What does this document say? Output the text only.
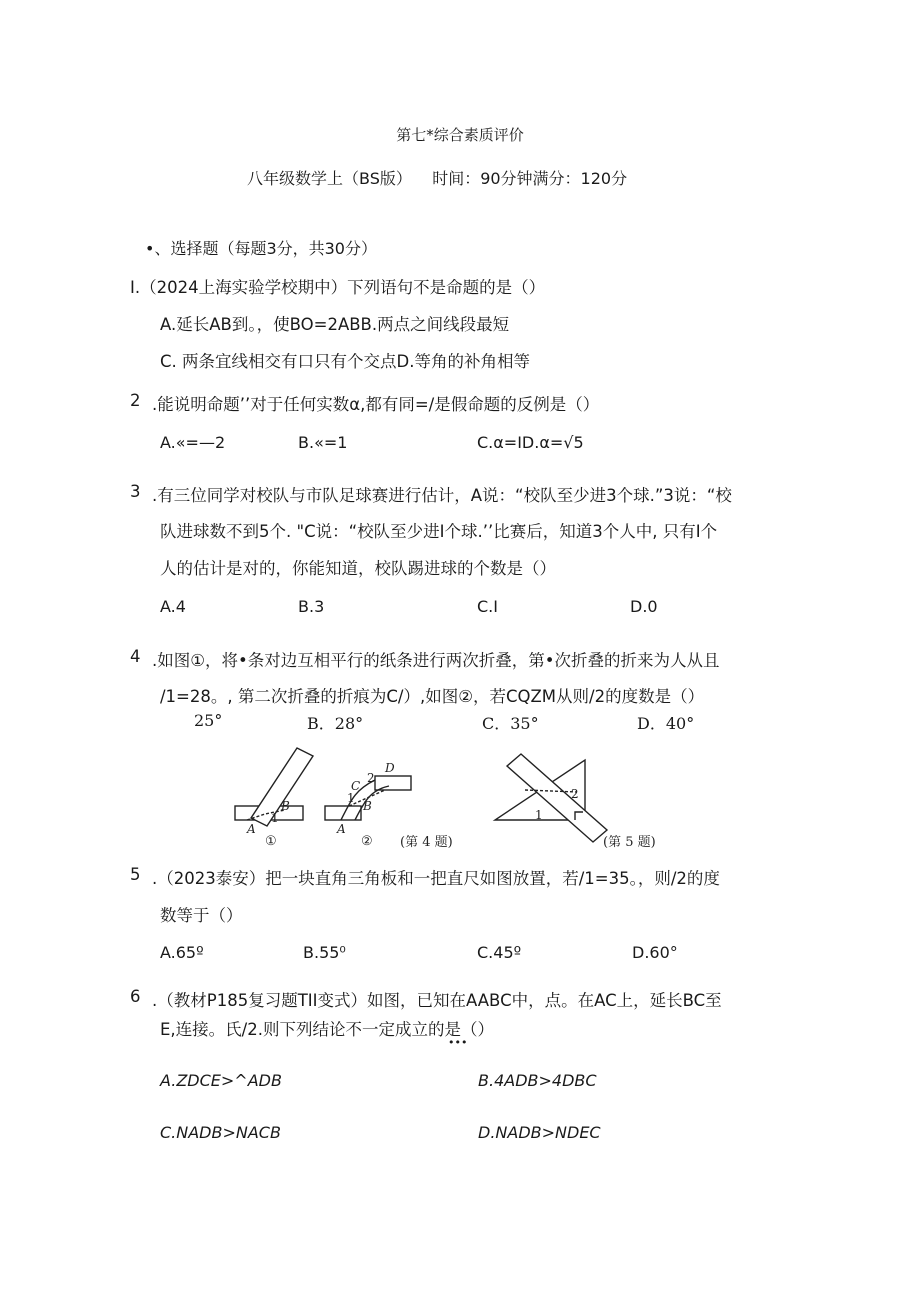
第七*综合素质评价
八年级数学上（BS版）    时间：90分钟满分：120分
•、选择题（每题3分，共30分）
I.（2024上海实验学校期中）下列语句不是命题的是（）
A.延长AB到。，使BO=2ABB.两点之间线段最短
C. 两条宜线相交有口只有个交点D.等角的补角相等
2 .能说明命题’’对于任何实数α,都有同=/是假命题的反例是（）
A.«=—2	B.«=1	C.α=ID.α=√5
3 .有三位同学对校队与市队足球赛进行估计，A说：“校队至少进3个球.”3说：“校
队进球数不到5个. "C说：“校队至少进I个球.’’比赛后，知道3个人中, 只有I个
人的估计是对的，你能知道，校队踢进球的个数是（）
A.4	B.3	C.I	D.0
4 .如图①，将•条对边互相平行的纸条进行两次折叠，第•次折叠的折来为人从且
/1=28。, 第二次折叠的折痕为C/）,如图②，若CQZM从则/2的度数是（）
25°	B．28°	C．35°	D．40°
A
B
1
①
A
B
C
D
1
2
② (第 4 题)
1
2
(第 5 题)
5 .（2023泰安）把一块直角三角板和一把直尺如图放置，若/1=35。，则/2的度
数等于（）
A.65º	B.55⁰	C.45º	D.60°
6 .（教材P185复习题TII变式）如图，已知在AABC中，点。在AC上，延长BC至
E,连接。氏/2.则下列结论不一定成立的是（）
•••
A.ZDCE>^ADB	B.4ADB>4DBC
C.NADB>NACB	D.NADB>NDEC
